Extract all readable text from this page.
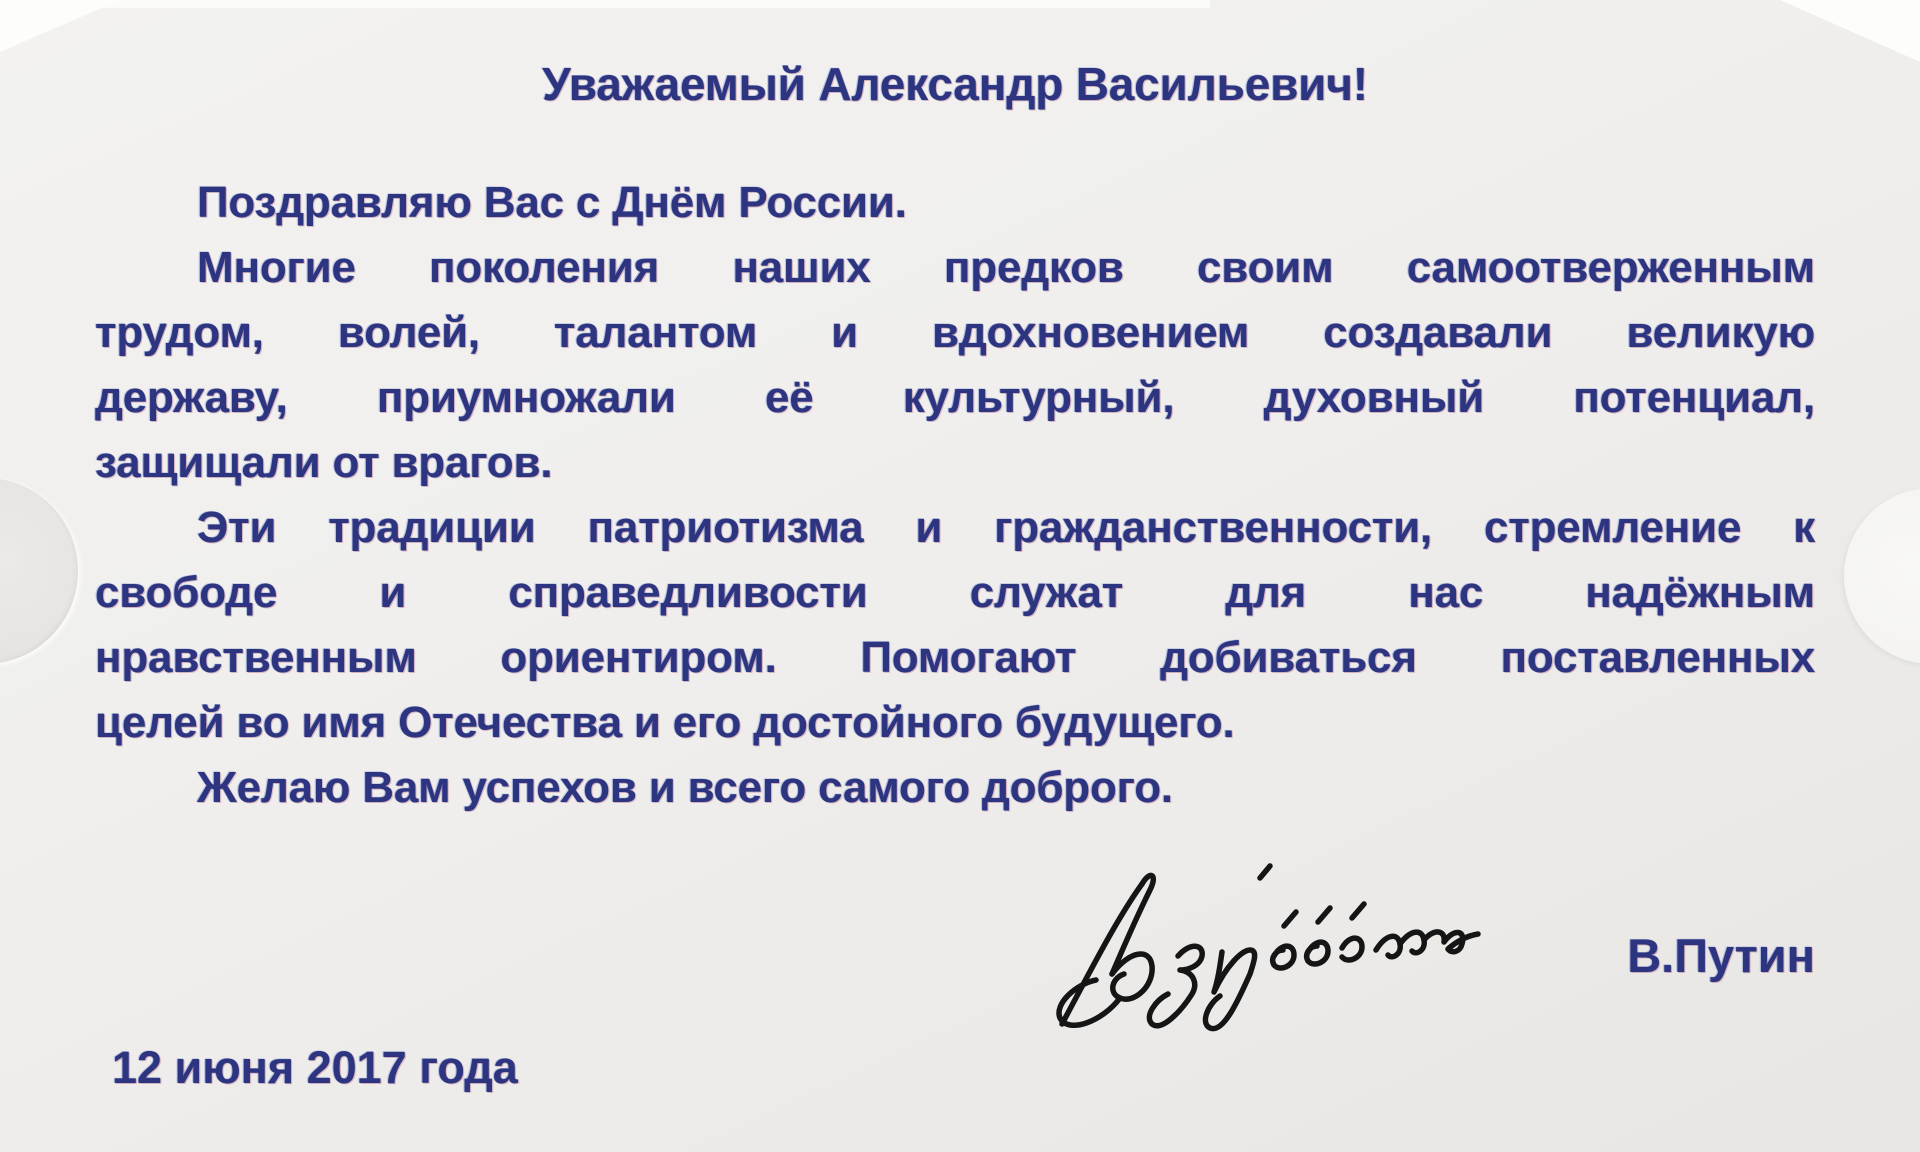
Уважаемый Александр Васильевич!
Поздравляю Вас с Днём России.
Многие поколения наших предков своим самоотверженным
трудом, волей, талантом и вдохновением создавали великую
державу, приумножали её культурный, духовный потенциал,
защищали от врагов.
Эти традиции патриотизма и гражданственности, стремление к
свободе и справедливости служат для нас надёжным
нравственным ориентиром. Помогают добиваться поставленных
целей во имя Отечества и его достойного будущего.
Желаю Вам успехов и всего самого доброго.
В.Путин
12 июня 2017 года
